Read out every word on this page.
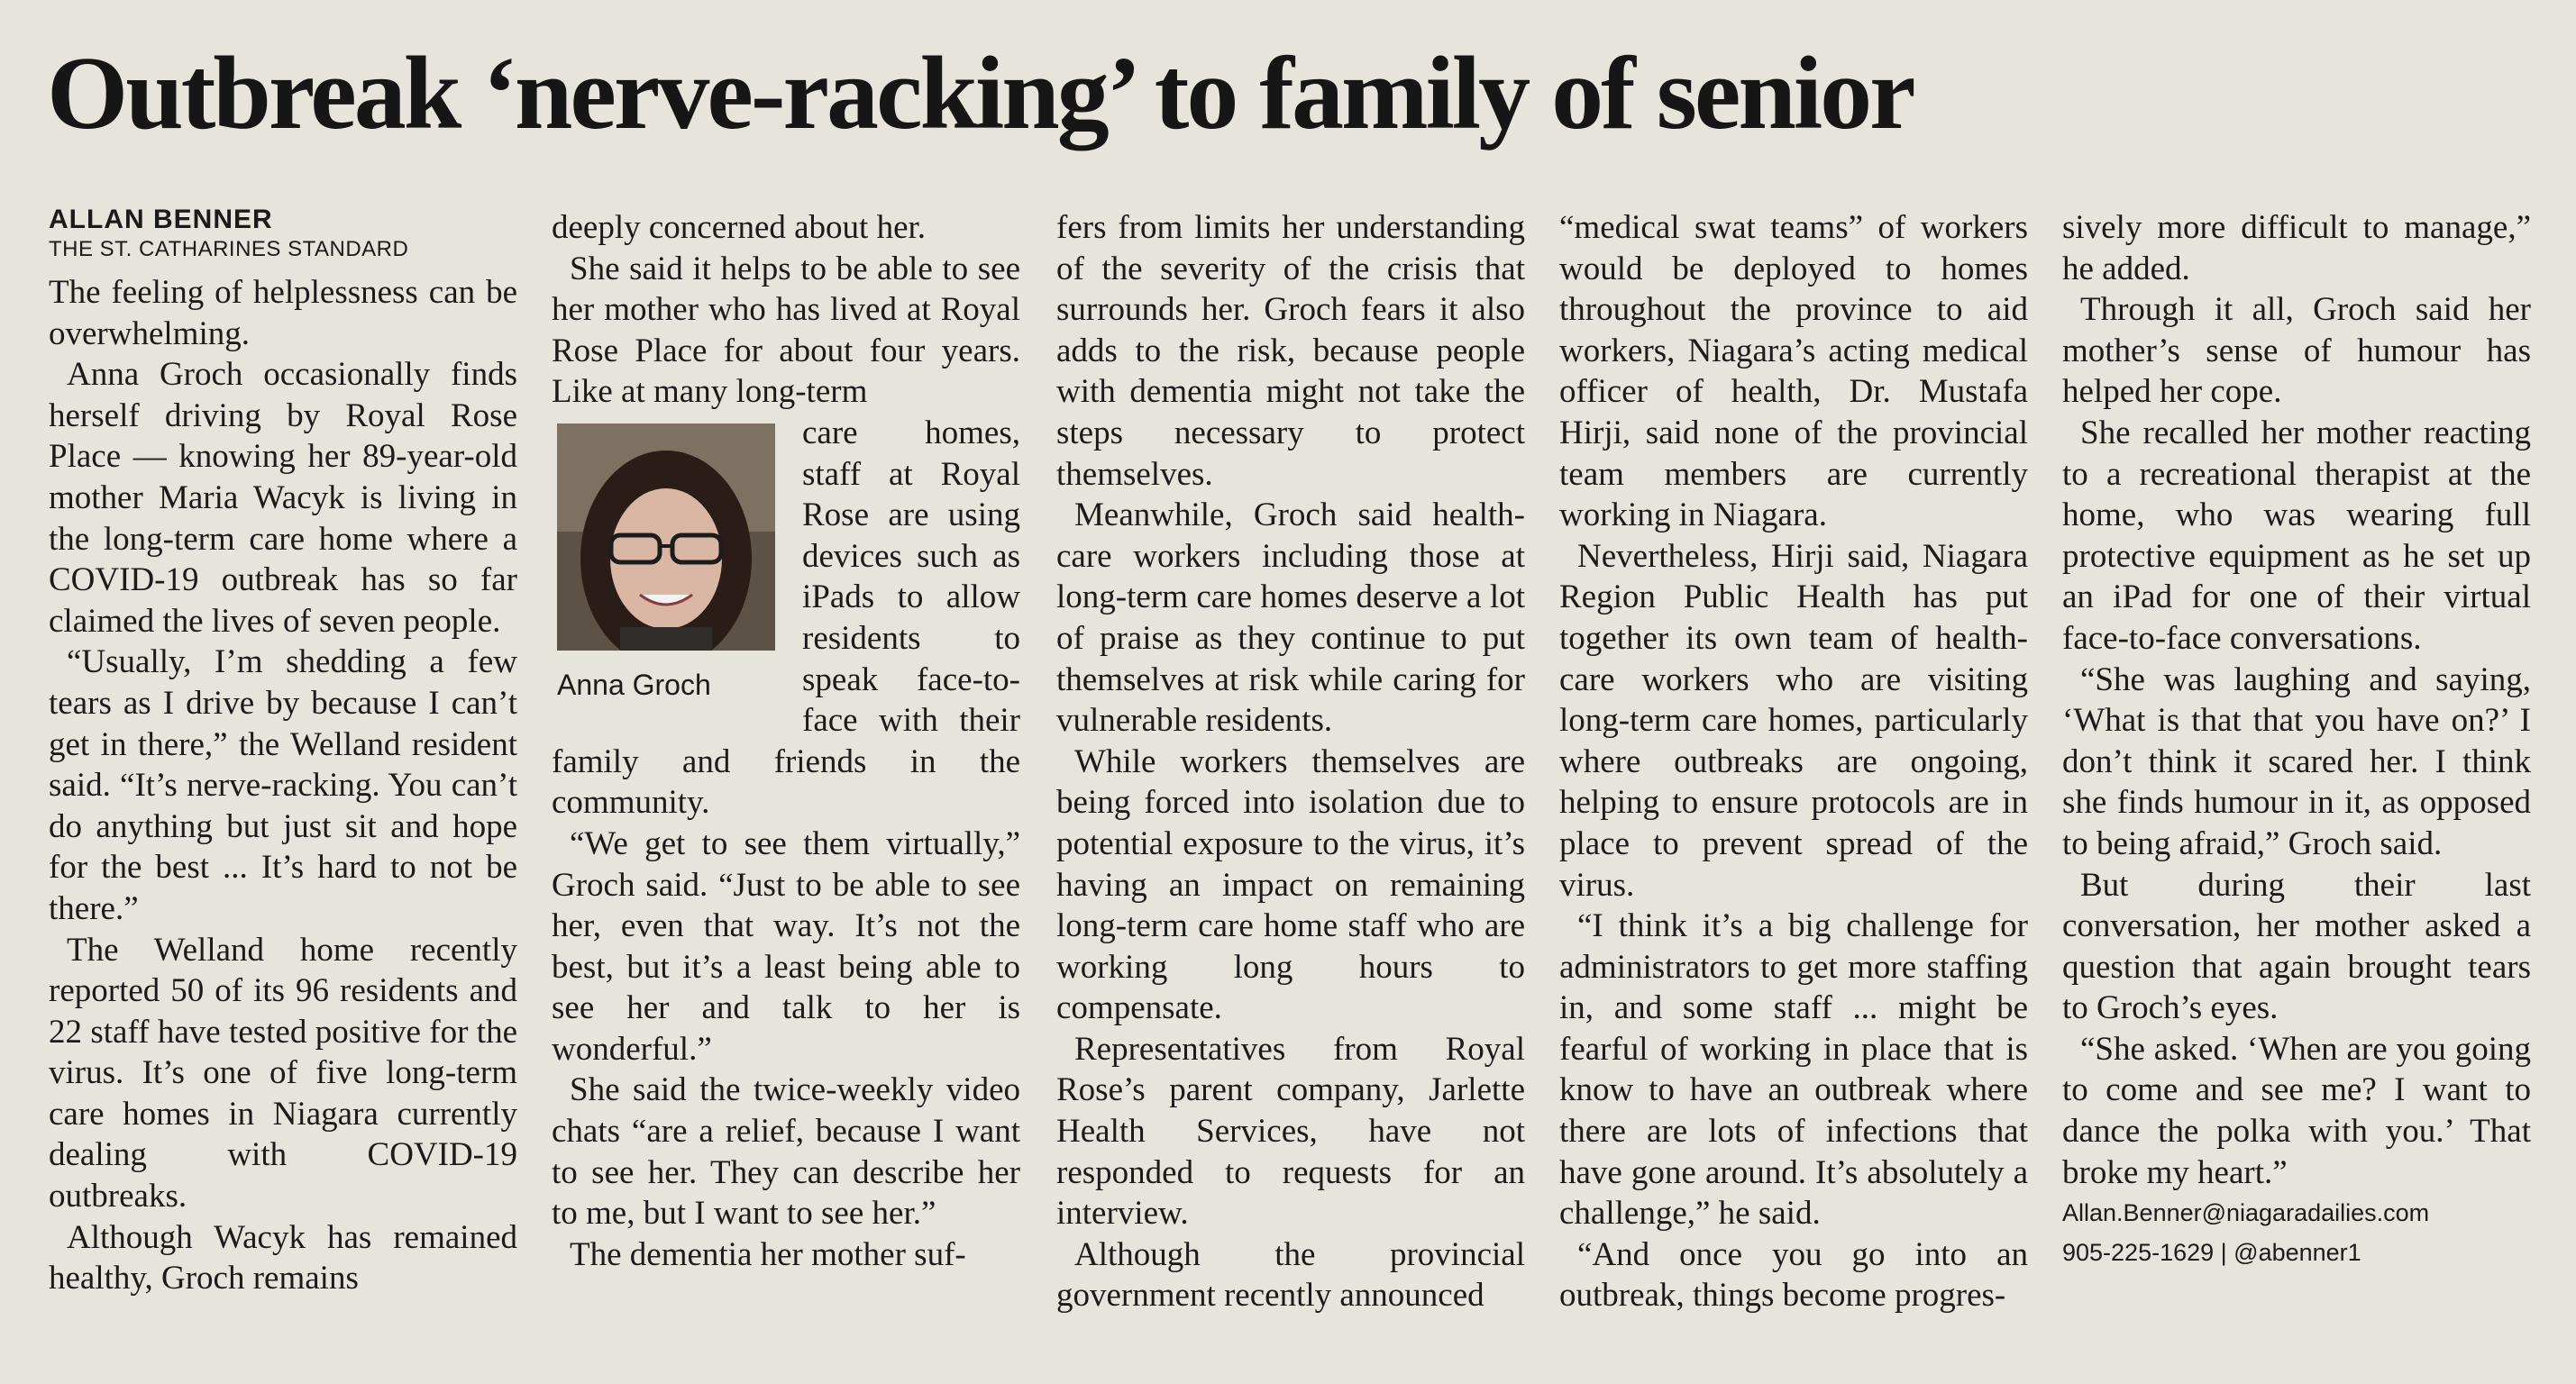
Outbreak ‘nerve-racking’ to family of senior
ALLAN BENNER
THE ST. CATHARINES STANDARD

The feeling of helplessness can be overwhelming.

Anna Groch occasionally finds herself driving by Royal Rose Place — knowing her 89-year-old mother Maria Wacyk is living in the long-term care home where a COVID-19 outbreak has so far claimed the lives of seven people.

“Usually, I’m shedding a few tears as I drive by because I can’t get in there,” the Welland resident said. “It’s nerve-racking. You can’t do anything but just sit and hope for the best ... It’s hard to not be there.”

The Welland home recently reported 50 of its 96 residents and 22 staff have tested positive for the virus. It’s one of five long-term care homes in Niagara currently dealing with COVID-19 outbreaks.

Although Wacyk has remained healthy, Groch remains

deeply concerned about her.

She said it helps to be able to see her mother who has lived at Royal Rose Place for about four years. Like at many long-term

Anna Groch

care homes, staff at Royal Rose are using devices such as iPads to allow residents to speak face-to-face with their family and friends in the community.

“We get to see them virtually,” Groch said. “Just to be able to see her, even that way. It’s not the best, but it’s a least being able to see her and talk to her is wonderful.”

She said the twice-weekly video chats “are a relief, because I want to see her. They can describe her to me, but I want to see her.”

The dementia her mother suf-

fers from limits her understanding of the severity of the crisis that surrounds her. Groch fears it also adds to the risk, because people with dementia might not take the steps necessary to protect themselves.

Meanwhile, Groch said health-care workers including those at long-term care homes deserve a lot of praise as they continue to put themselves at risk while caring for vulnerable residents.

While workers themselves are being forced into isolation due to potential exposure to the virus, it’s having an impact on remaining long-term care home staff who are working long hours to compensate.

Representatives from Royal Rose’s parent company, Jarlette Health Services, have not responded to requests for an interview.

Although the provincial government recently announced

“medical swat teams” of workers would be deployed to homes throughout the province to aid workers, Niagara’s acting medical officer of health, Dr. Mustafa Hirji, said none of the provincial team members are currently working in Niagara.

Nevertheless, Hirji said, Niagara Region Public Health has put together its own team of health-care workers who are visiting long-term care homes, particularly where outbreaks are ongoing, helping to ensure protocols are in place to prevent spread of the virus.

“I think it’s a big challenge for administrators to get more staffing in, and some staff ... might be fearful of working in place that is know to have an outbreak where there are lots of infections that have gone around. It’s absolutely a challenge,” he said.

“And once you go into an outbreak, things become progres-

sively more difficult to manage,” he added.

Through it all, Groch said her mother’s sense of humour has helped her cope.

She recalled her mother reacting to a recreational therapist at the home, who was wearing full protective equipment as he set up an iPad for one of their virtual face-to-face conversations.

“She was laughing and saying, ‘What is that that you have on?’ I don’t think it scared her. I think she finds humour in it, as opposed to being afraid,” Groch said.

But during their last conversation, her mother asked a question that again brought tears to Groch’s eyes.

“She asked. ‘When are you going to come and see me? I want to dance the polka with you.’ That broke my heart.”

Allan.Benner@niagaradailies.com
905-225-1629 | @abenner1
